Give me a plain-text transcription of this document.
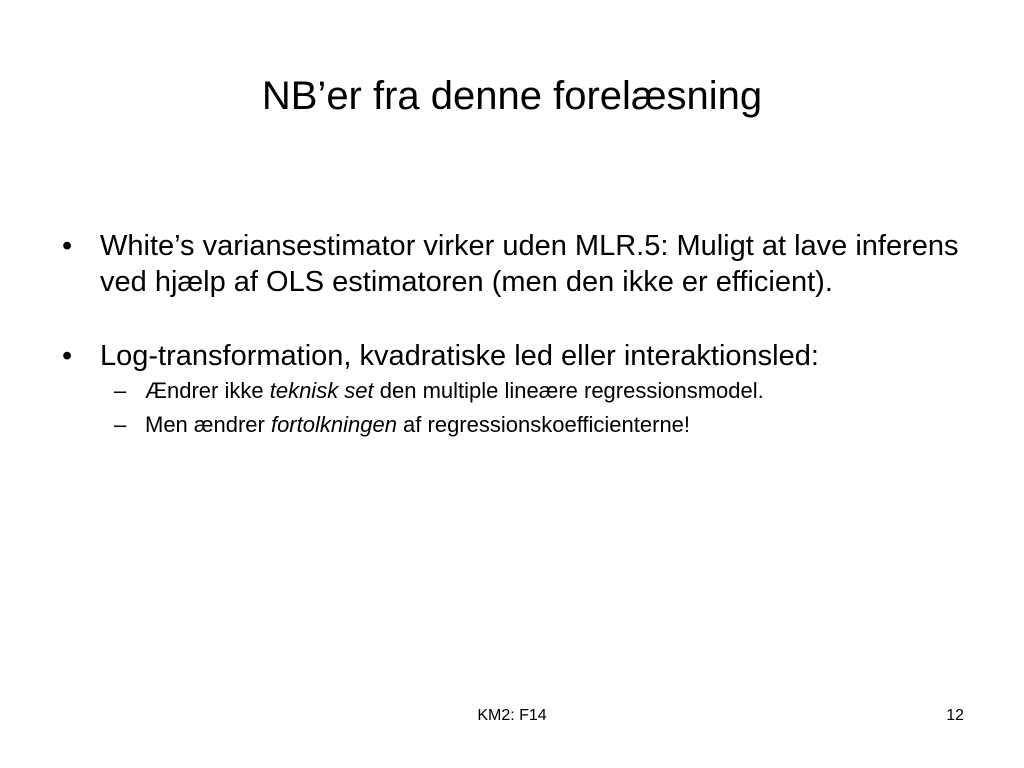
NB’er fra denne forelæsning
• White’s variansestimator virker uden MLR.5: Muligt at lave inferens ved hjælp af OLS estimatoren (men den ikke er efficient).
• Log-transformation, kvadratiske led eller interaktionsled:
– Ændrer ikke teknisk set den multiple lineære regressionsmodel.
– Men ændrer fortolkningen af regressionskoefficienterne!
KM2: F14	12
